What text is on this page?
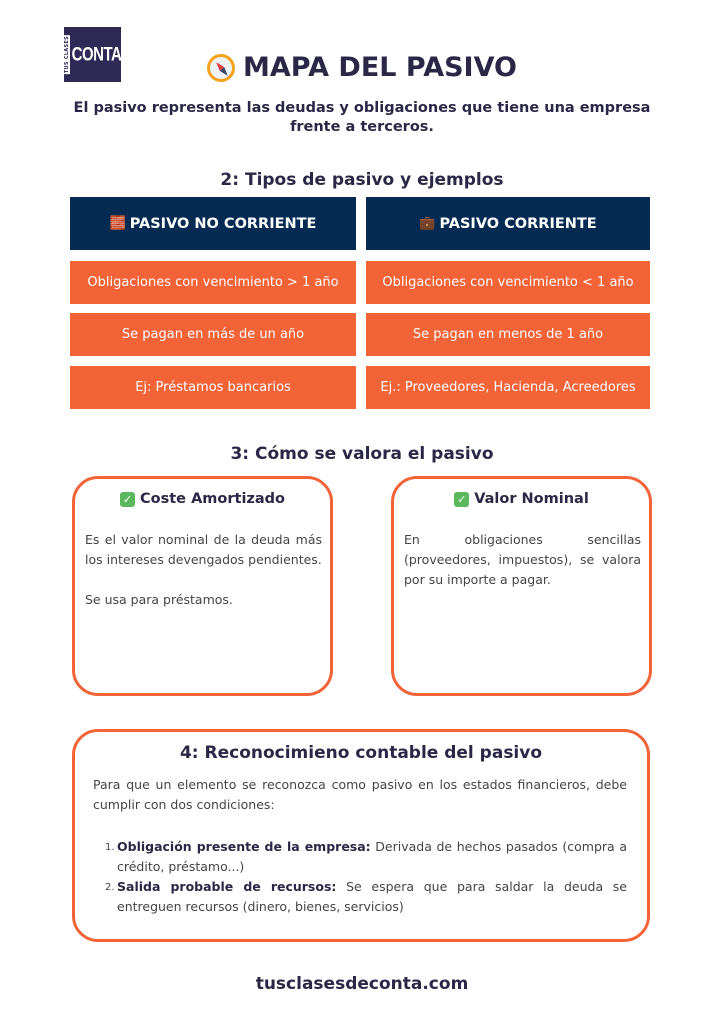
TUS CLASES CONTA	MAPA DEL PASIVO
El pasivo representa las deudas y obligaciones que tiene una empresa frente a terceros.
2: Tipos de pasivo y ejemplos
🧱 PASIVO NO CORRIENTE	💼 PASIVO CORRIENTE
Obligaciones con vencimiento > 1 año
Se pagan en más de un año
Ej: Préstamos bancarios
Obligaciones con vencimiento < 1 año
Se pagan en menos de 1 año
Ej.: Proveedores, Hacienda, Acreedores
3: Cómo se valora el pasivo
✓ Coste Amortizado

Es el valor nominal de la deuda más los intereses devengados pendientes.

Se usa para préstamos.

✓ Valor Nominal

En obligaciones sencillas (proveedores, impuestos), se valora por su importe a pagar.

4: Reconocimieno contable del pasivo
Para que un elemento se reconozca como pasivo en los estados financieros, debe cumplir con dos condiciones:
1. Obligación presente de la empresa: Derivada de hechos pasados (compra a crédito, préstamo...)
2. Salida probable de recursos: Se espera que para saldar la deuda se entreguen recursos (dinero, bienes, servicios)
tusclasesdeconta.com
